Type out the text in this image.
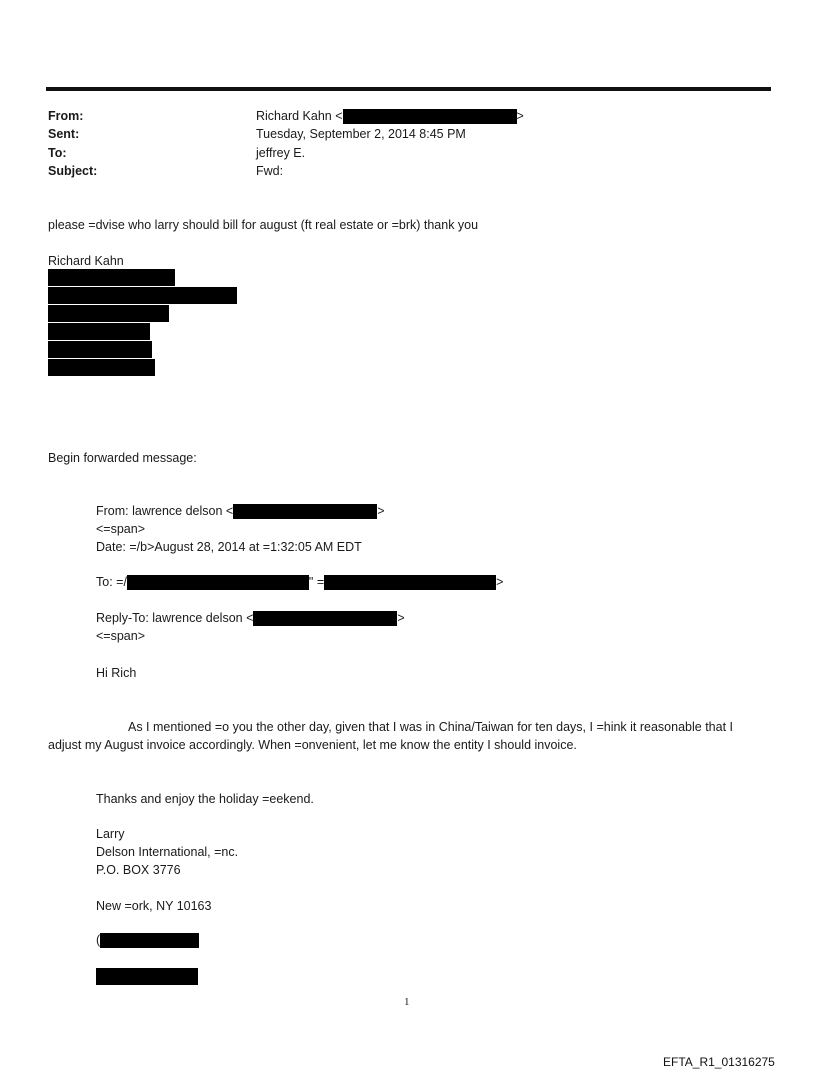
From:	Richard Kahn <	>
Sent:	Tuesday, September 2, 2014 8:45 PM
To:	jeffrey E.
Subject:	Fwd:
please =dvise who larry should bill for august (ft real estate or =brk) thank you
Richard Kahn
Begin forwarded message:
From: lawrence delson <	>
<=span>
Date: =/b>August 28, 2014 at =1:32:05 AM EDT
To: =/	" =	>
Reply-To: lawrence delson <	>
<=span>
Hi Rich
As I mentioned =o you the other day, given that I was in China/Taiwan for ten days, I =hink it reasonable that I
adjust my August invoice accordingly. When =onvenient, let me know the entity I should invoice.
Thanks and enjoy the holiday =eekend.
Larry
Delson International, =nc.
P.O. BOX 3776
New =ork, NY 10163
(
1
EFTA_R1_01316275
